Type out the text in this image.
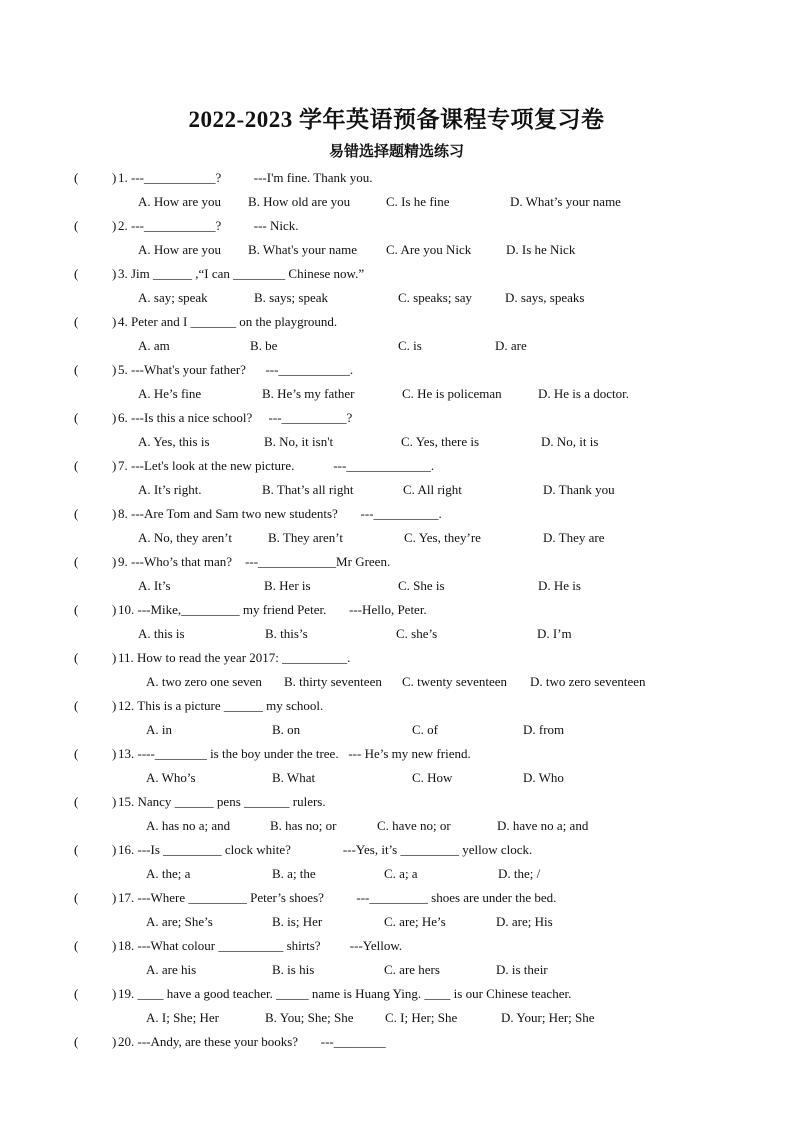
2022-2023 学年英语预备课程专项复习卷
易错选择题精选练习
(	) 1. ---___________?          ---I'm fine. Thank you.
A. How are you B. How old are you	C. Is he fine	D. What’s your name
(	) 2. ---___________?          --- Nick.
A. How are you B. What's your name C. Are you Nick	D. Is he Nick
(	) 3. Jim ______ ,“I can ________ Chinese now.”
A. say; speak	B. says; speak	C. speaks; say	D. says, speaks
(	) 4. Peter and I _______ on the playground.
A. am	B. be	C. is	D. are
(	) 5. ---What's your father?      ---___________.
A. He’s fine	B. He’s my father	C. He is policeman	D. He is a doctor.
(	) 6. ---Is this a nice school?     ---__________?
A. Yes, this is	B. No, it isn't	C. Yes, there is	D. No, it is
(	) 7. ---Let's look at the new picture.            ---_____________.
A. It’s right.	B. That’s all right	C. All right	D. Thank you
(	) 8. ---Are Tom and Sam two new students?       ---__________.
A. No, they aren’t	B. They aren’t	C. Yes, they’re	D. They are
(	) 9. ---Who’s that man?    ---____________Mr Green.
A. It’s	B. Her is	C. She is	D. He is
(	) 10. ---Mike,_________ my friend Peter.       ---Hello, Peter.
A. this is	B. this’s	C. she’s	D. I’m
(	) 11. How to read the year 2017: __________.
A. two zero one seven B. thirty seventeen C. twenty seventeen D. two zero seventeen
(	) 12. This is a picture ______ my school.
A. in	B. on	C. of	D. from
(	) 13. ----________ is the boy under the tree.   --- He’s my new friend.
A. Who’s	B. What	C. How	D. Who
(	) 15. Nancy ______ pens _______ rulers.
A. has no a; and	B. has no; or	C. have no; or	D. have no a; and
(	) 16. ---Is _________ clock white?                ---Yes, it’s _________ yellow clock.
A. the; a	B. a; the	C. a; a	D. the; /
(	) 17. ---Where _________ Peter’s shoes?          ---_________ shoes are under the bed.
A. are; She’s	B. is; Her	C. are; He’s	D. are; His
(	) 18. ---What colour __________ shirts?         ---Yellow.
A. are his	B. is his	C. are hers	D. is their
(	) 19. ____ have a good teacher. _____ name is Huang Ying. ____ is our Chinese teacher.
A. I; She; Her	B. You; She; She C. I; Her; She	D. Your; Her; She
(	) 20. ---Andy, are these your books?       ---________
